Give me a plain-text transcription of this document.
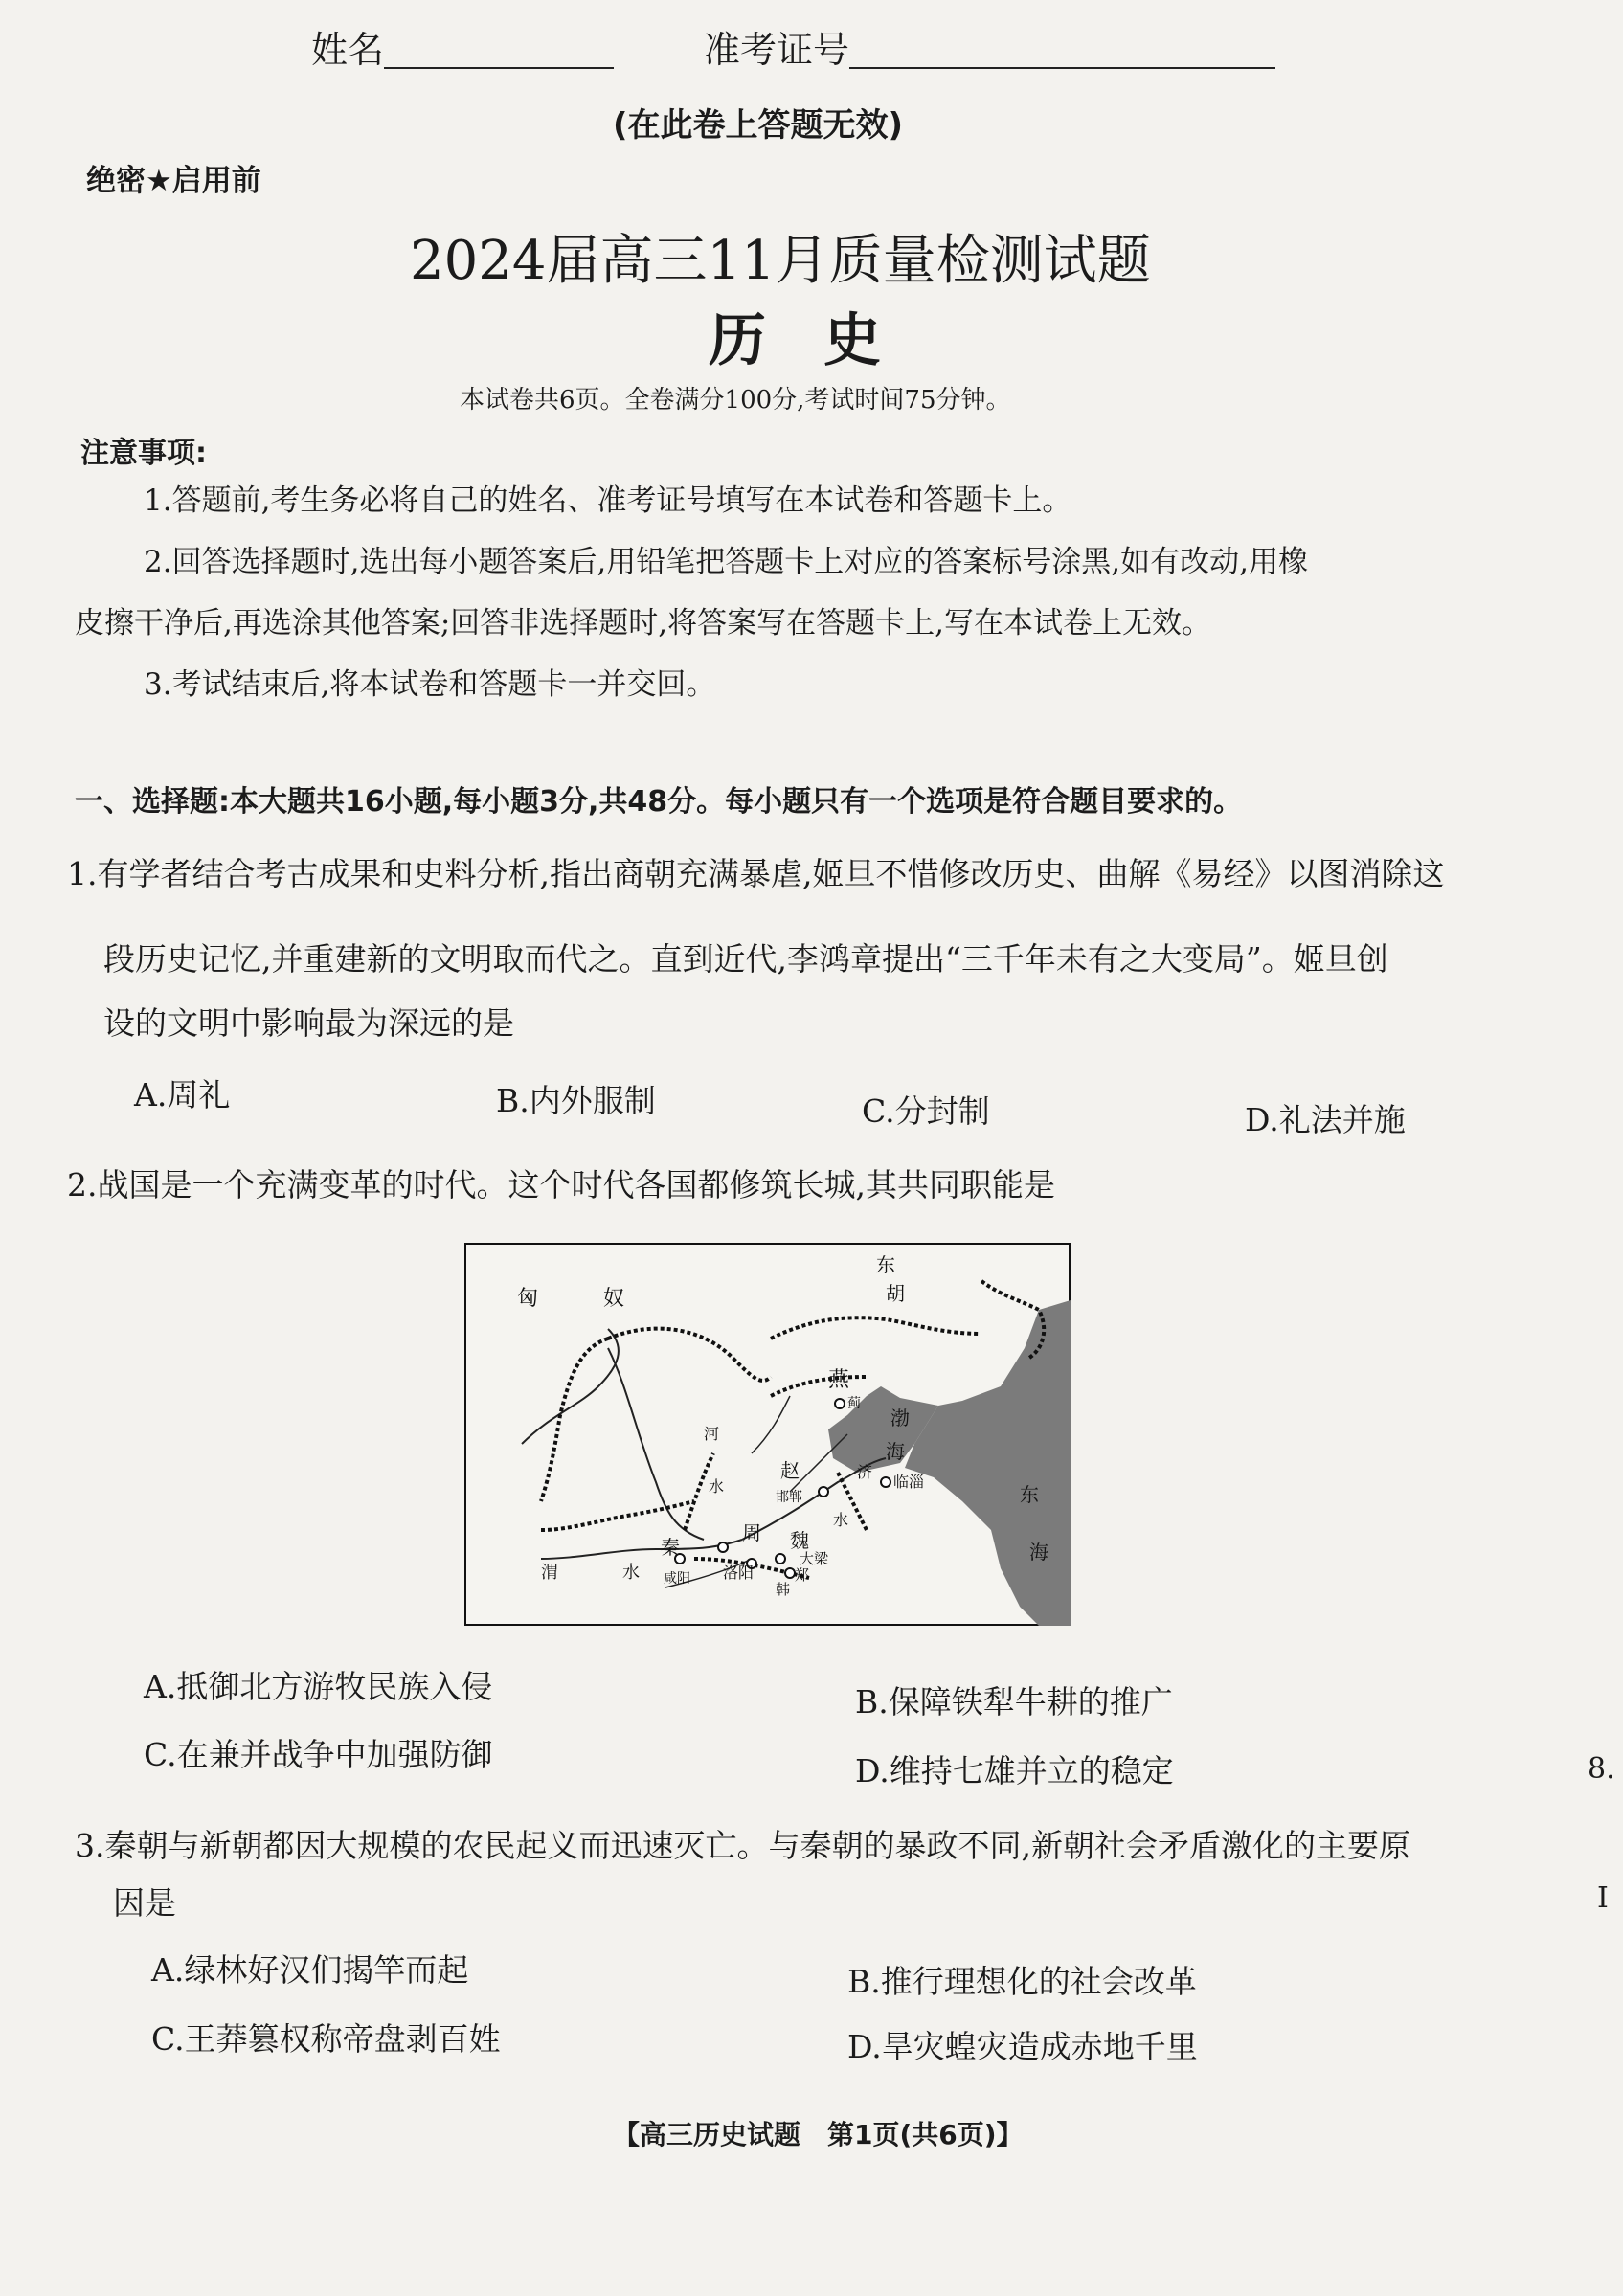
姓名	准考证号
(在此卷上答题无效)
绝密★启用前
2024届高三11月质量检测试题
历　史
本试卷共6页。全卷满分100分,考试时间75分钟。
注意事项:
1.答题前,考生务必将自己的姓名、准考证号填写在本试卷和答题卡上。
2.回答选择题时,选出每小题答案后,用铅笔把答题卡上对应的答案标号涂黑,如有改动,用橡
皮擦干净后,再选涂其他答案;回答非选择题时,将答案写在答题卡上,写在本试卷上无效。
3.考试结束后,将本试卷和答题卡一并交回。
一、选择题:本大题共16小题,每小题3分,共48分。每小题只有一个选项是符合题目要求的。
1.有学者结合考古成果和史料分析,指出商朝充满暴虐,姬旦不惜修改历史、曲解《易经》以图消除这
段历史记忆,并重建新的文明取而代之。直到近代,李鸿章提出“三千年未有之大变局”。姬旦创
设的文明中影响最为深远的是
A.周礼	B.内外服制	C.分封制	D.礼法并施
2.战国是一个充满变革的时代。这个时代各国都修筑长城,其共同职能是
匈	奴
东
胡
燕
蓟
渤
海
河
水
赵
邯郸
济
临淄
东
海
水
渭	水
秦
咸阳
周
洛阳
魏
大梁
郑
韩
A.抵御北方游牧民族入侵	B.保障铁犁牛耕的推广
C.在兼并战争中加强防御	D.维持七雄并立的稳定
3.秦朝与新朝都因大规模的农民起义而迅速灭亡。与秦朝的暴政不同,新朝社会矛盾激化的主要原
因是
A.绿林好汉们揭竿而起	B.推行理想化的社会改革
C.王莽篡权称帝盘剥百姓	D.旱灾蝗灾造成赤地千里
【高三历史试题　第1页(共6页)】
8.
I
